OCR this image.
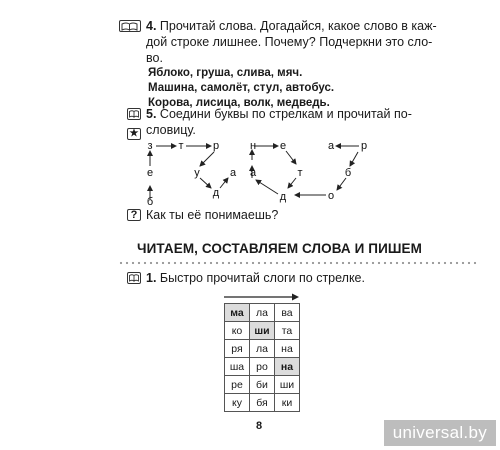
4. Прочитай слова. Догадайся, какое слово в каж-
дой строке лишнее. Почему? Подчеркни это сло-
во.
Яблоко, груша, слива, мяч.
Машина, самолёт, стул, автобус.
Корова, лисица, волк, медведь.
★
5. Соедини буквы по стрелкам и прочитай по-
словицу.
з т	р
е	у	а
б
д
н е
а	т
д
а р
б
о
? Как ты её понимаешь?
ЧИТАЕМ, СОСТАВЛЯЕМ СЛОВА И ПИШЕМ
1. Быстро прочитай слоги по стрелке.
ма	ла	ва
ко	ши	та
ря	ла	на
ша	ро	на
ре	би	ши
ку	бя	ки
8	universal.by
